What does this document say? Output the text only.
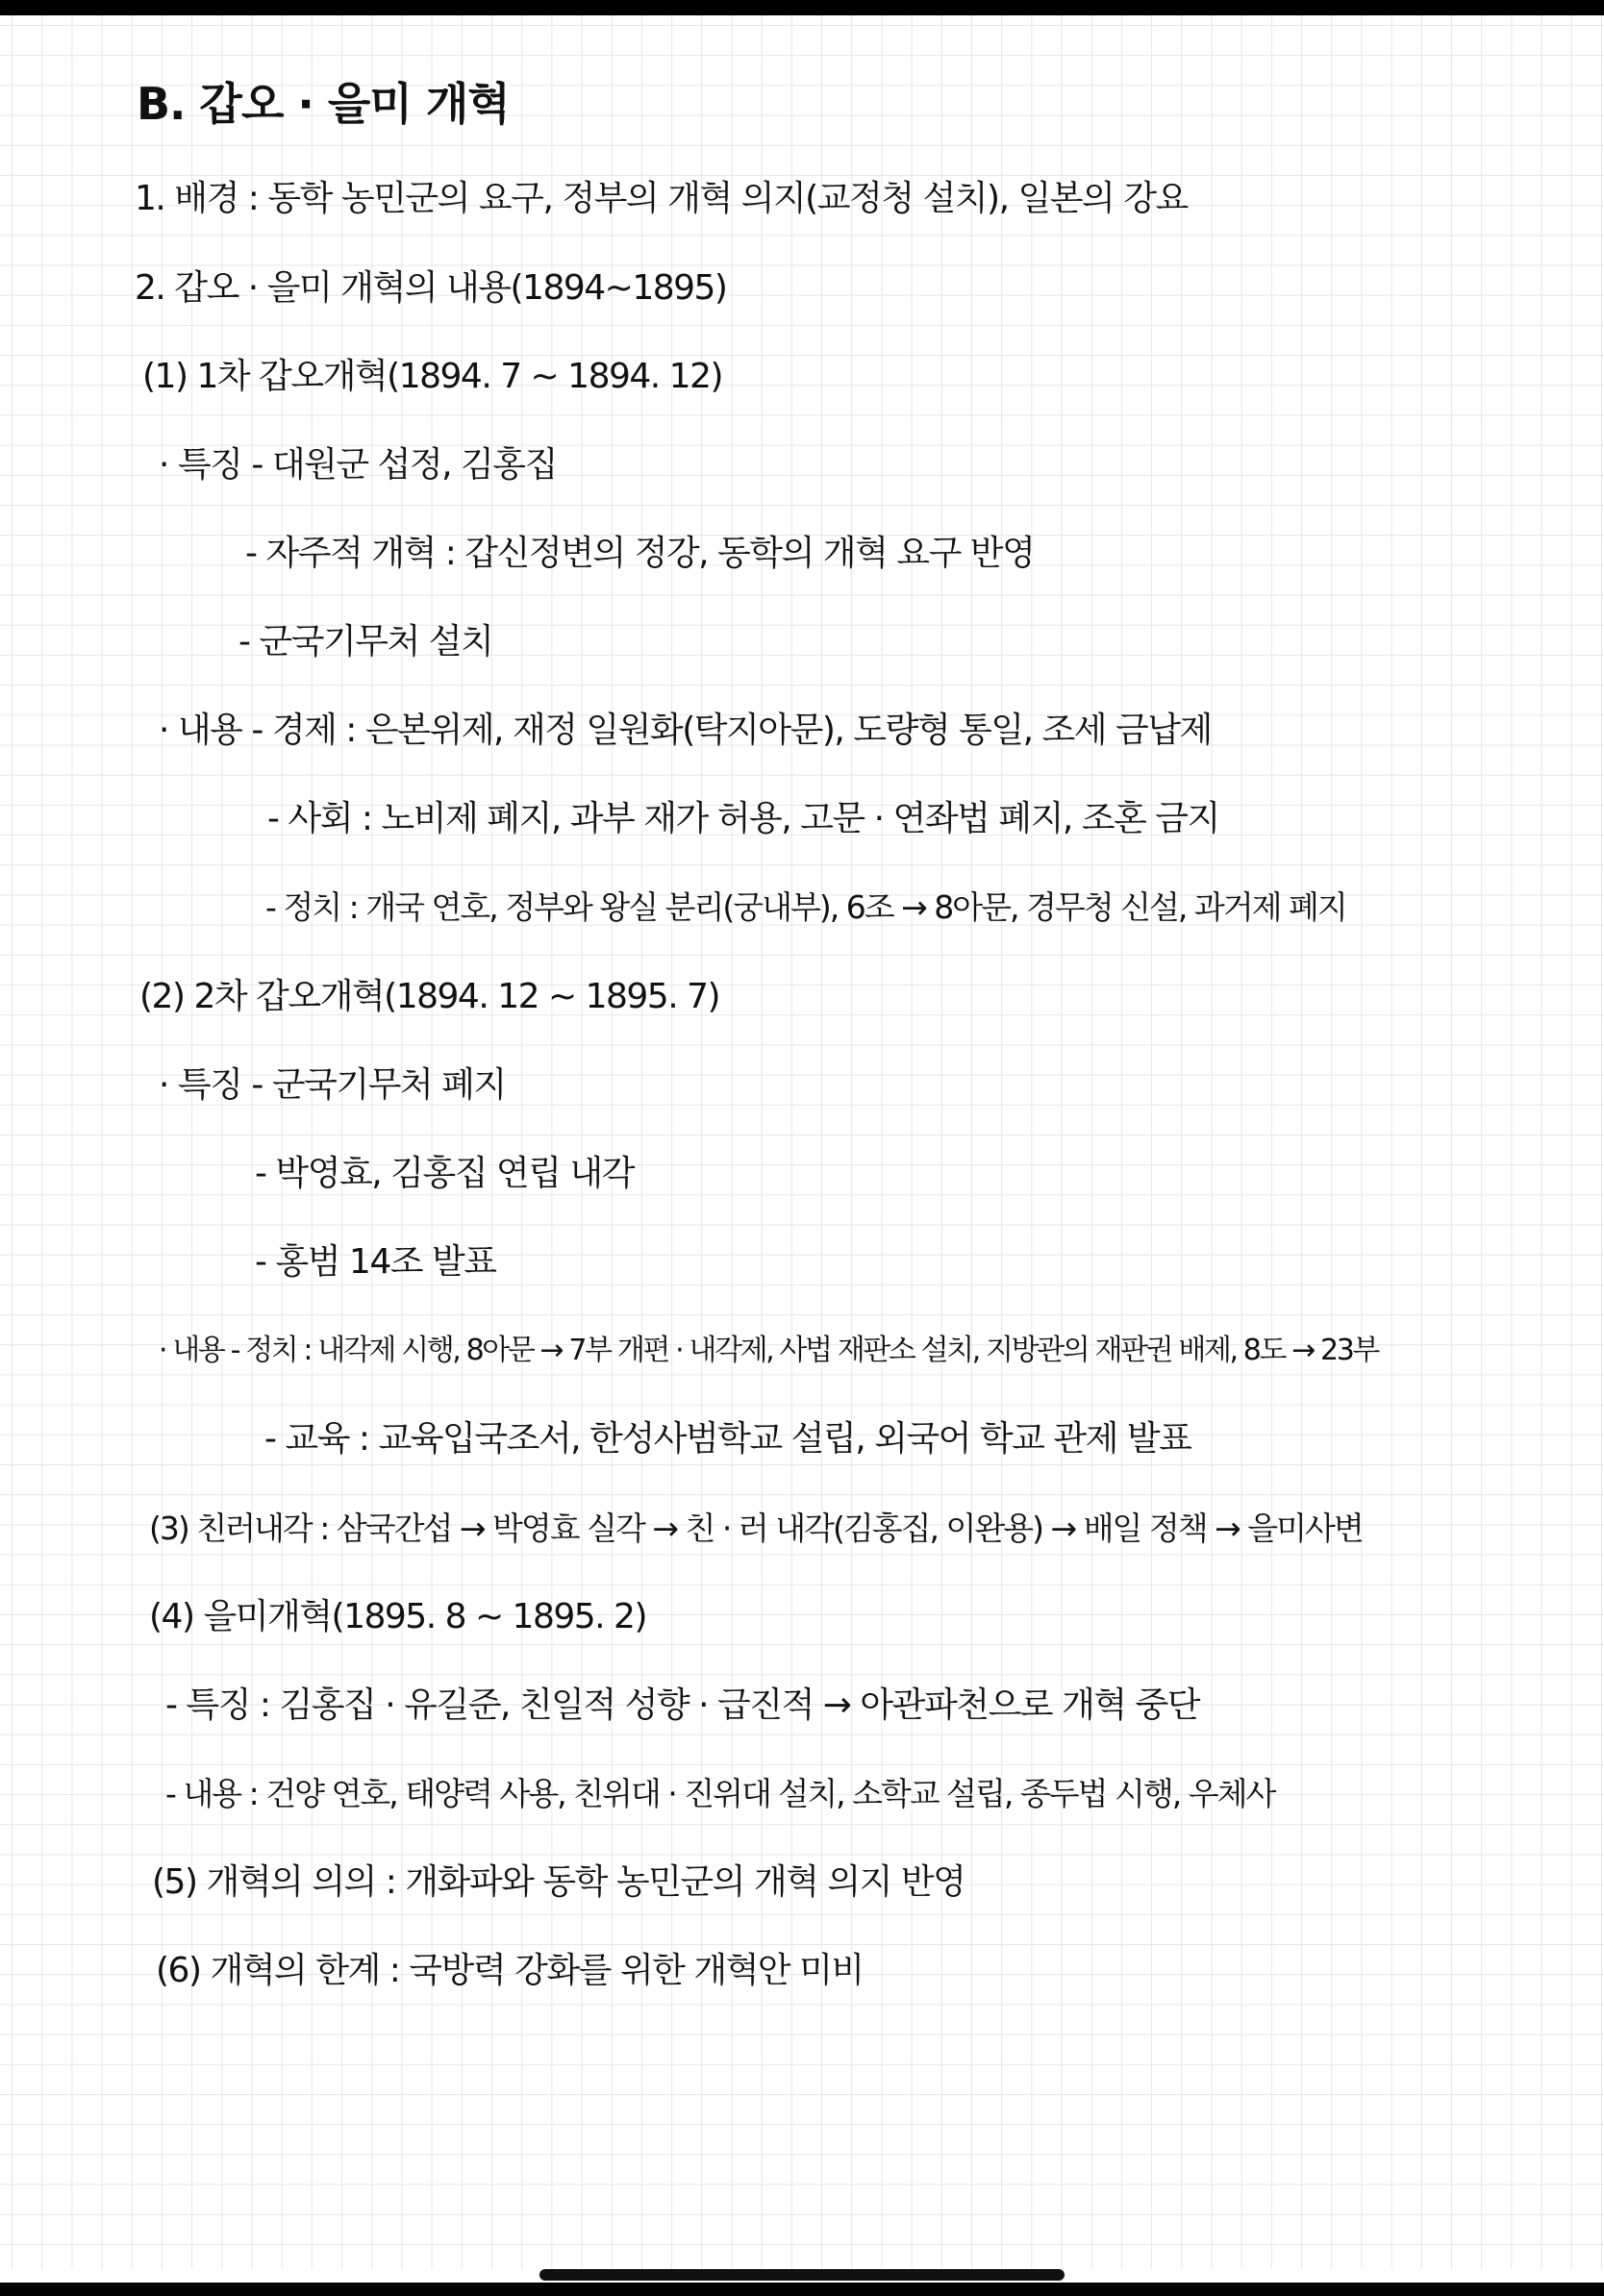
B. 갑오 · 을미 개혁
1. 배경 : 동학 농민군의 요구, 정부의 개혁 의지(교정청 설치), 일본의 강요
2. 갑오 · 을미 개혁의 내용(1894~1895)
(1) 1차 갑오개혁(1894. 7 ~ 1894. 12)
· 특징 - 대원군 섭정, 김홍집
- 자주적 개혁 : 갑신정변의 정강, 동학의 개혁 요구 반영
- 군국기무처 설치
· 내용 - 경제 : 은본위제, 재정 일원화(탁지아문), 도량형 통일, 조세 금납제
- 사회 : 노비제 폐지, 과부 재가 허용, 고문 · 연좌법 폐지, 조혼 금지
- 정치 : 개국 연호, 정부와 왕실 분리(궁내부), 6조 → 8아문, 경무청 신설, 과거제 폐지
(2) 2차 갑오개혁(1894. 12 ~ 1895. 7)
· 특징 - 군국기무처 폐지
- 박영효, 김홍집 연립 내각
- 홍범 14조 발표
· 내용 - 정치 : 내각제 시행, 8아문 → 7부 개편 · 내각제, 사법 재판소 설치, 지방관의 재판권 배제, 8도 → 23부
- 교육 : 교육입국조서, 한성사범학교 설립, 외국어 학교 관제 발표
(3) 친러내각 : 삼국간섭 → 박영효 실각 → 친 · 러 내각(김홍집, 이완용) → 배일 정책 → 을미사변
(4) 을미개혁(1895. 8 ~ 1895. 2)
- 특징 : 김홍집 · 유길준, 친일적 성향 · 급진적 → 아관파천으로 개혁 중단
- 내용 : 건양 연호, 태양력 사용, 친위대 · 진위대 설치, 소학교 설립, 종두법 시행, 우체사
(5) 개혁의 의의 : 개화파와 동학 농민군의 개혁 의지 반영
(6) 개혁의 한계 : 국방력 강화를 위한 개혁안 미비
